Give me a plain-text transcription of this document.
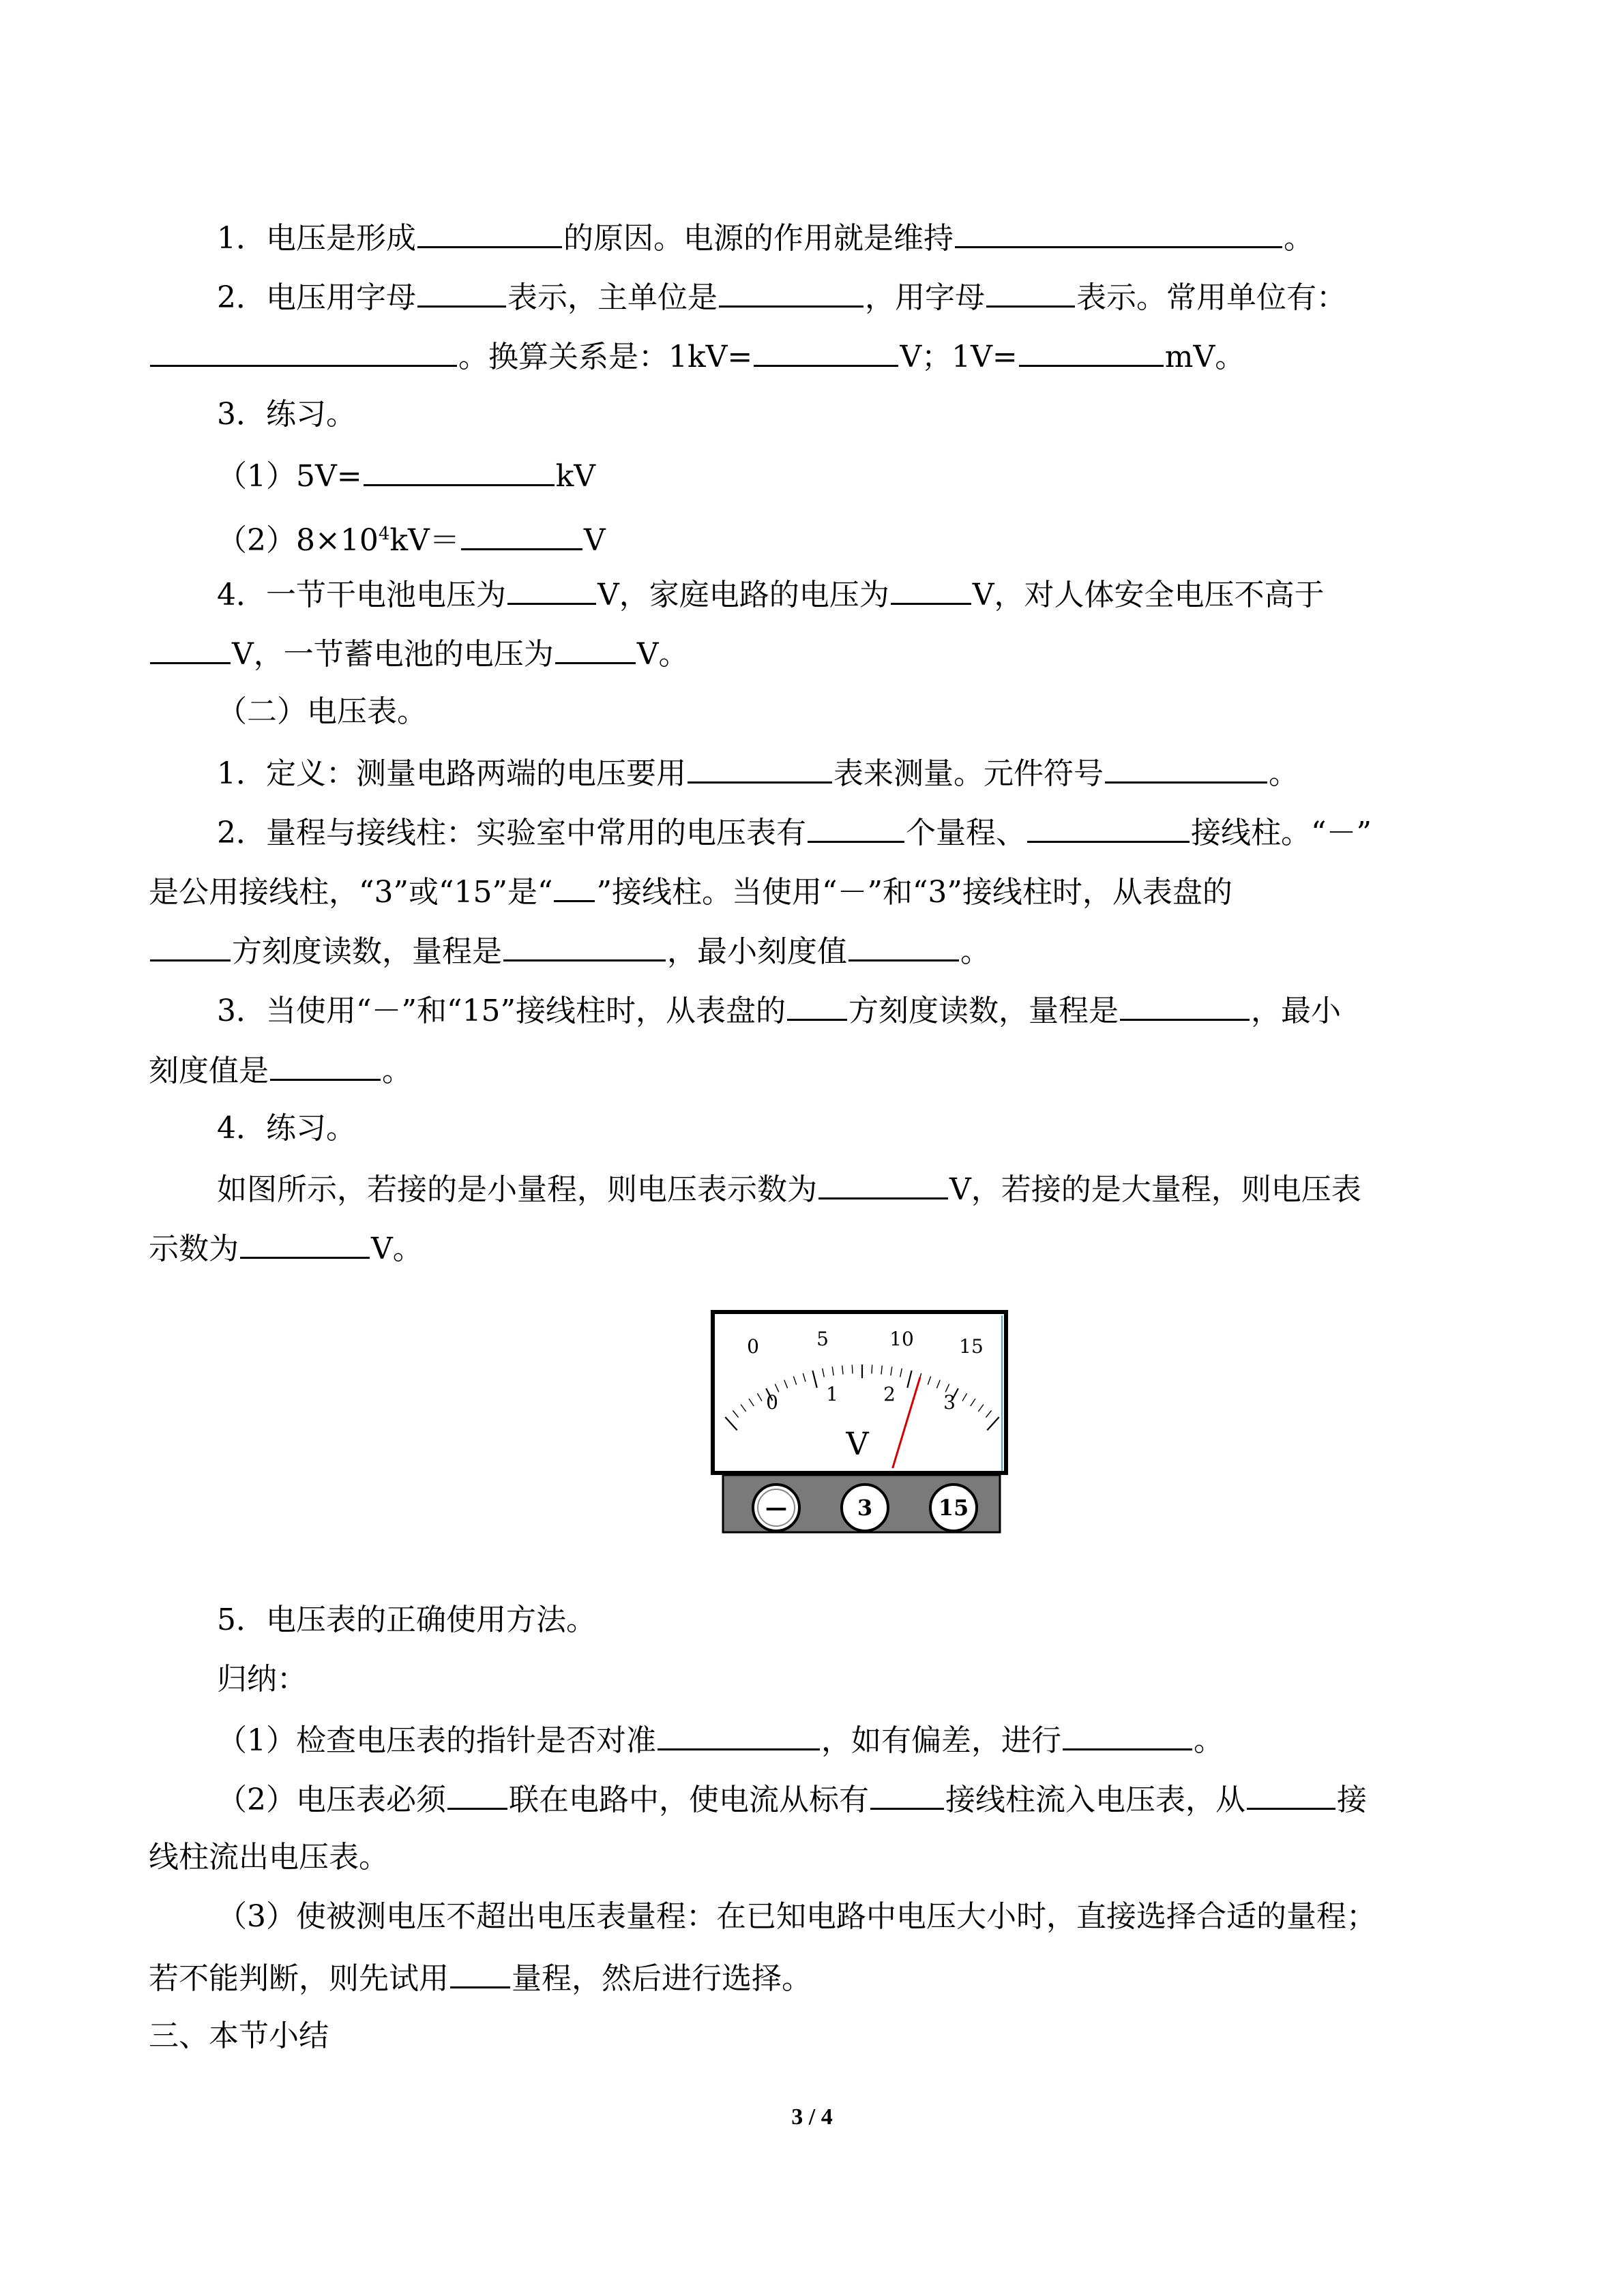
1．电压是形成	的原因。电源的作用就是维持	。
2．电压用字母	表示，主单位是	，用字母	表示。常用单位有：
。换算关系是：1kV=	V；1V=	mV。
3．练习。
（1）5V=	kV
$(2)8\times 10^4kV=$	V
4．一节干电池电压为	V，家庭电路的电压为	V，对人体安全电压不高于
V，一节蓄电池的电压为	V。
（二）电压表。
1．定义：测量电路两端的电压要用	表来测量。元件符号	。
2．量程与接线柱：实验室中常用的电压表有	个量程、	接线柱。“－”
是公用接线柱，“3”或“15”是“ ”接线柱。当使用“－”和“3”接线柱时，从表盘的
方刻度读数，量程是	，最小刻度值	。
3．当使用“－”和“15”接线柱时，从表盘的 方刻度读数，量程是	，最小
刻度值是	。
4．练习。
如图所示，若接的是小量程，则电压表示数为	V，若接的是大量程，则电压表
示数为	V。
0	5	10 15
0	1 2	3
V
—	3	15
5．电压表的正确使用方法。
归纳：
（1）检查电压表的指针是否对准	，如有偏差，进行	。
（2）电压表必须 联在电路中，使电流从标有	接线柱流入电压表，从	接
线柱流出电压表。
（3）使被测电压不超出电压表量程：在已知电路中电压大小时，直接选择合适的量程；
若不能判断，则先试用 量程，然后进行选择。
三、本节小结
3 / 4
